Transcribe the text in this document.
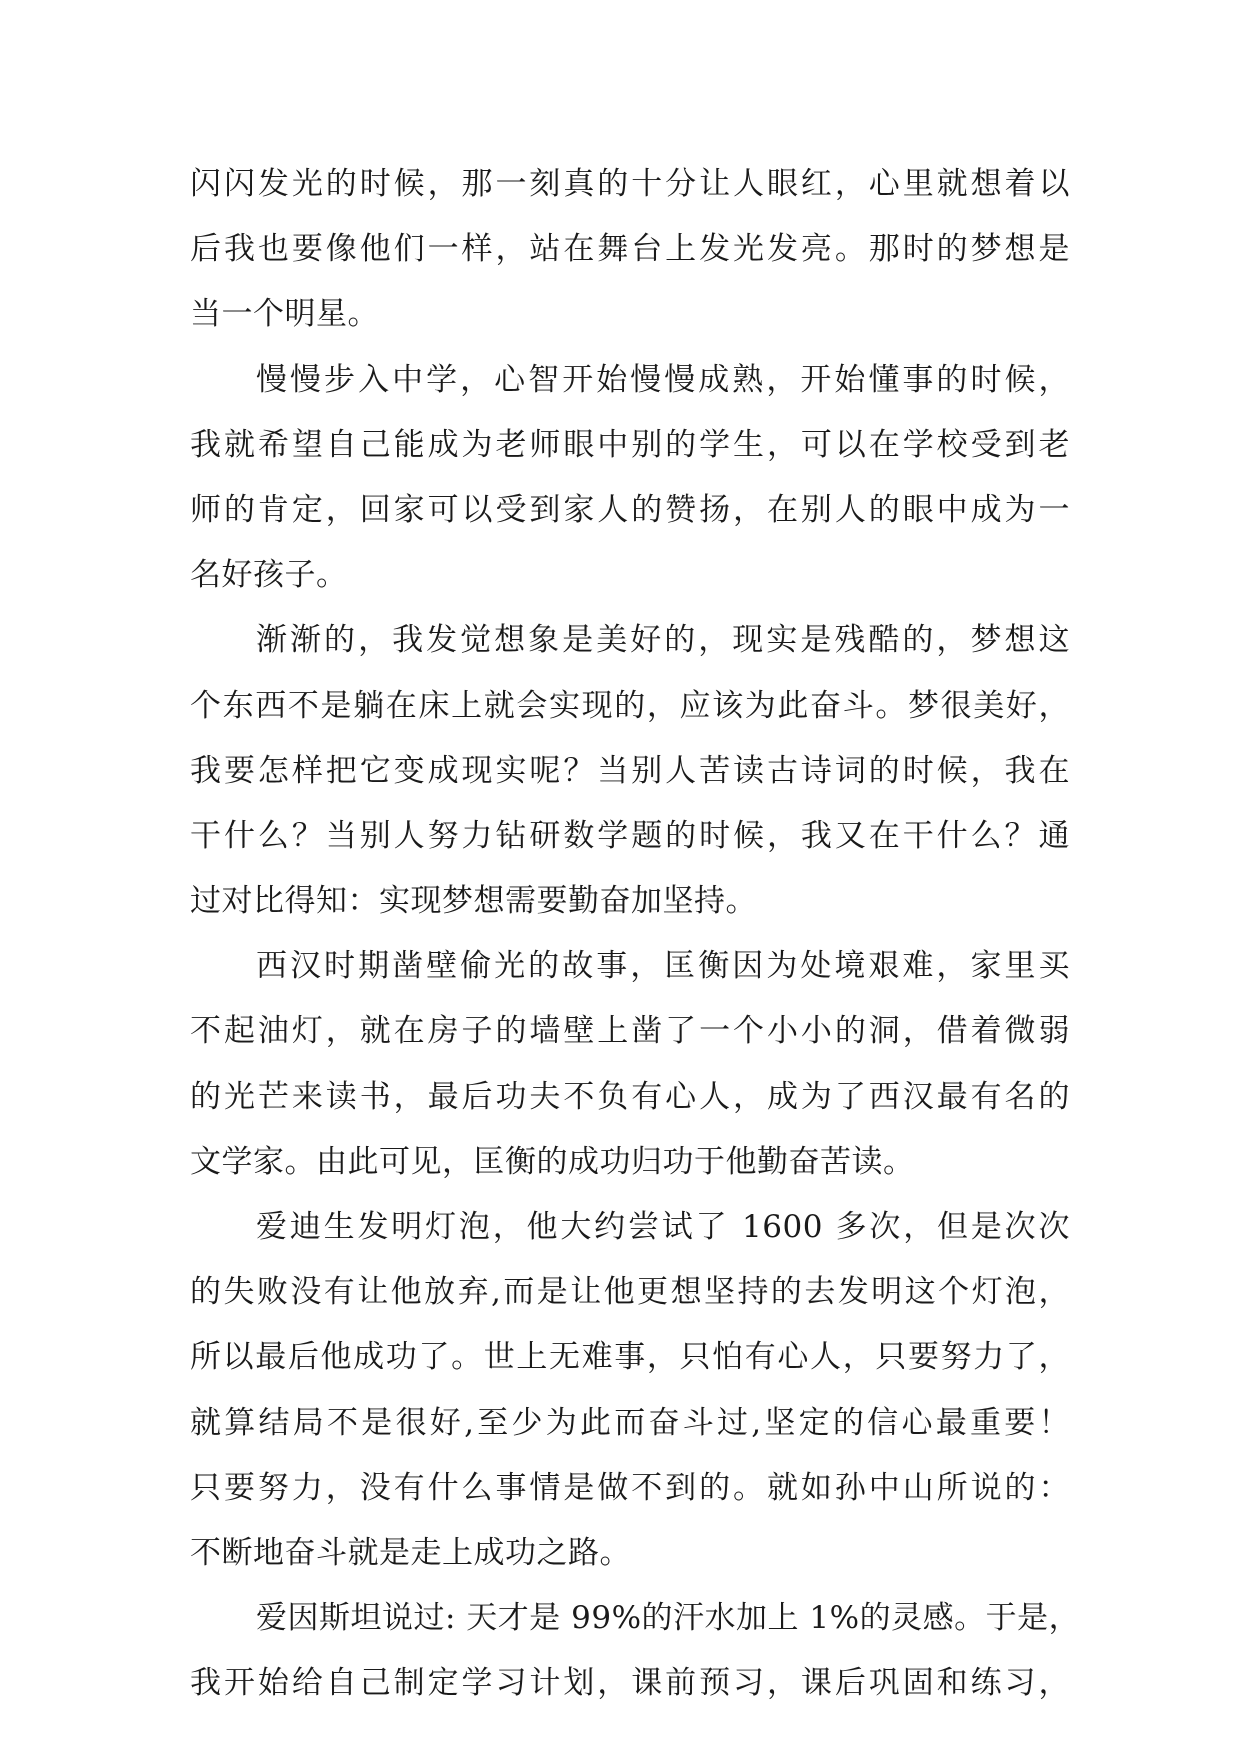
闪闪发光的时候，那一刻真的十分让人眼红，心里就想着以
后我也要像他们一样，站在舞台上发光发亮。那时的梦想是
当一个明星。
慢慢步入中学，心智开始慢慢成熟，开始懂事的时候，
我就希望自己能成为老师眼中别的学生，可以在学校受到老
师的肯定，回家可以受到家人的赞扬，在别人的眼中成为一
名好孩子。
渐渐的，我发觉想象是美好的，现实是残酷的，梦想这
个东西不是躺在床上就会实现的，应该为此奋斗。梦很美好，
我要怎样把它变成现实呢？当别人苦读古诗词的时候，我在
干什么？当别人努力钻研数学题的时候，我又在干什么？通
过对比得知：实现梦想需要勤奋加坚持。
西汉时期凿壁偷光的故事，匡衡因为处境艰难，家里买
不起油灯，就在房子的墙壁上凿了一个小小的洞，借着微弱
的光芒来读书，最后功夫不负有心人，成为了西汉最有名的
文学家。由此可见，匡衡的成功归功于他勤奋苦读。
爱迪生发明灯泡，他大约尝试了 1600 多次，但是次次
的失败没有让他放弃,而是让他更想坚持的去发明这个灯泡，
所以最后他成功了。世上无难事，只怕有心人，只要努力了，
就算结局不是很好,至少为此而奋斗过,坚定的信心最重要！
只要努力，没有什么事情是做不到的。就如孙中山所说的：
不断地奋斗就是走上成功之路。
爱因斯坦说过: 天才是 99%的汗水加上 1%的灵感。于是，
我开始给自己制定学习计划，课前预习，课后巩固和练习，
